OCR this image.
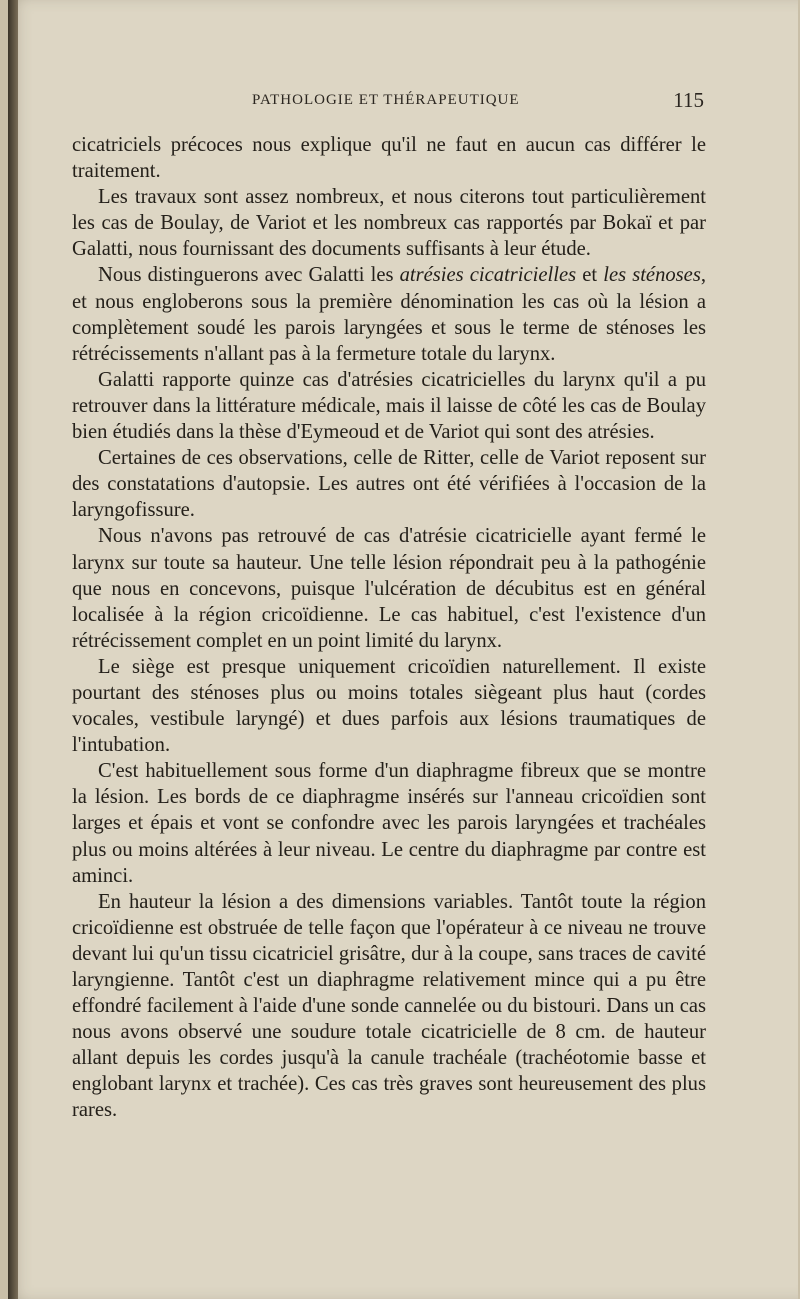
PATHOLOGIE ET THÉRAPEUTIQUE	115

cicatriciels précoces nous explique qu'il ne faut en aucun cas différer le traitement.

Les travaux sont assez nombreux, et nous citerons tout particulièrement les cas de Boulay, de Variot et les nombreux cas rapportés par Bokaï et par Galatti, nous fournissant des documents suffisants à leur étude.

Nous distinguerons avec Galatti les atrésies cicatricielles et les sténoses, et nous engloberons sous la première dénomination les cas où la lésion a complètement soudé les parois laryngées et sous le terme de sténoses les rétrécissements n'allant pas à la fermeture totale du larynx.

Galatti rapporte quinze cas d'atrésies cicatricielles du larynx qu'il a pu retrouver dans la littérature médicale, mais il laisse de côté les cas de Boulay bien étudiés dans la thèse d'Eymeoud et de Variot qui sont des atrésies.

Certaines de ces observations, celle de Ritter, celle de Variot reposent sur des constatations d'autopsie. Les autres ont été vérifiées à l'occasion de la laryngofissure.

Nous n'avons pas retrouvé de cas d'atrésie cicatricielle ayant fermé le larynx sur toute sa hauteur. Une telle lésion répondrait peu à la pathogénie que nous en concevons, puisque l'ulcération de décubitus est en général localisée à la région cricoïdienne. Le cas habituel, c'est l'existence d'un rétrécissement complet en un point limité du larynx.

Le siège est presque uniquement cricoïdien naturellement. Il existe pourtant des sténoses plus ou moins totales siègeant plus haut (cordes vocales, vestibule laryngé) et dues parfois aux lésions traumatiques de l'intubation.

C'est habituellement sous forme d'un diaphragme fibreux que se montre la lésion. Les bords de ce diaphragme insérés sur l'anneau cricoïdien sont larges et épais et vont se confondre avec les parois laryngées et trachéales plus ou moins altérées à leur niveau. Le centre du diaphragme par contre est aminci.

En hauteur la lésion a des dimensions variables. Tantôt toute la région cricoïdienne est obstruée de telle façon que l'opérateur à ce niveau ne trouve devant lui qu'un tissu cicatriciel grisâtre, dur à la coupe, sans traces de cavité laryngienne. Tantôt c'est un diaphragme relativement mince qui a pu être effondré facilement à l'aide d'une sonde cannelée ou du bistouri. Dans un cas nous avons observé une soudure totale cicatricielle de 8 cm. de hauteur allant depuis les cordes jusqu'à la canule trachéale (trachéotomie basse et englobant larynx et trachée). Ces cas très graves sont heureusement des plus rares.
